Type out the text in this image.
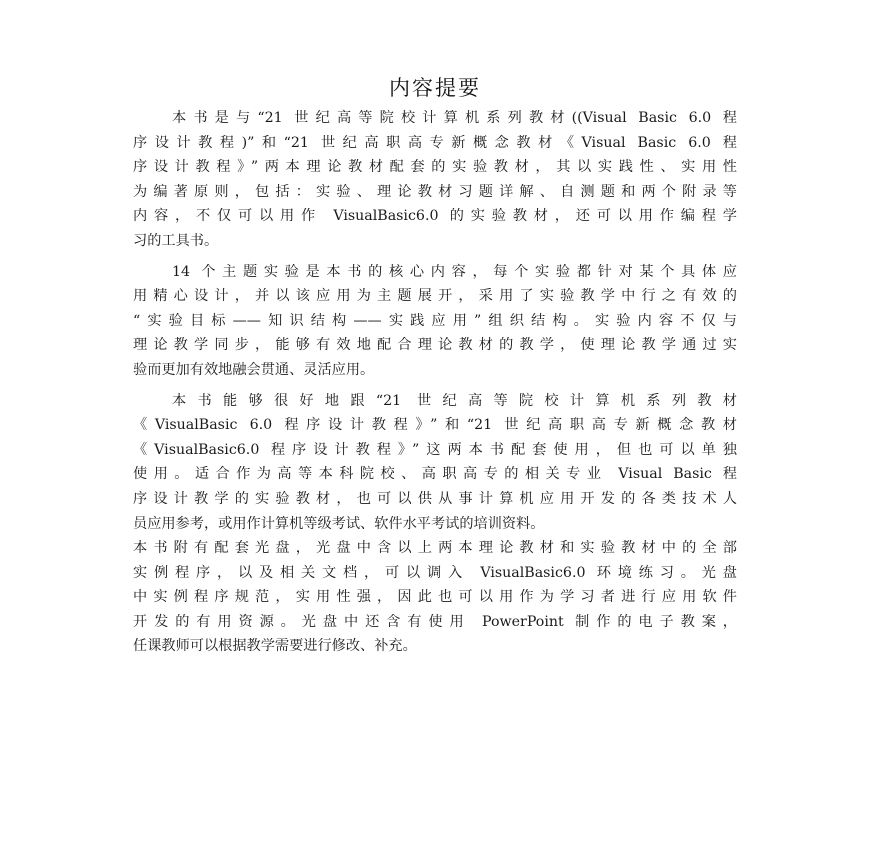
内容提要
本书是与“21 世纪高等院校计算机系列教材((Visual Basic 6.0 程
序设计教程)”和“21 世纪高职高专新概念教材《Visual Basic 6.0 程
序设计教程》”两本理论教材配套的实验教材，其以实践性、实用性
为编著原则，包括：实验、理论教材习题详解、自测题和两个附录等
内容，不仅可以用作 VisualBasic6.0 的实验教材，还可以用作编程学
习的工具书。
14 个主题实验是本书的核心内容，每个实验都针对某个具体应
用精心设计，并以该应用为主题展开，采用了实验教学中行之有效的
“实验目标——知识结构——实践应用”组织结构。实验内容不仅与
理论教学同步，能够有效地配合理论教材的教学，使理论教学通过实
验而更加有效地融会贯通、灵活应用。
本书能够很好地跟“21 世纪高等院校计算机系列教材
《VisualBasic 6.0 程序设计教程》”和“21 世纪高职高专新概念教材
《VisualBasic6.0 程序设计教程》”这两本书配套使用，但也可以单独
使用。适合作为高等本科院校、高职高专的相关专业 Visual Basic 程
序设计教学的实验教材，也可以供从事计算机应用开发的各类技术人
员应用参考，或用作计算机等级考试、软件水平考试的培训资料。
本书附有配套光盘，光盘中含以上两本理论教材和实验教材中的全部
实例程序，以及相关文档，可以调入 VisualBasic6.0 环境练习。光盘
中实例程序规范，实用性强，因此也可以用作为学习者进行应用软件
开发的有用资源。光盘中还含有使用 PowerPoint 制作的电子教案，
任课教师可以根据教学需要进行修改、补充。
